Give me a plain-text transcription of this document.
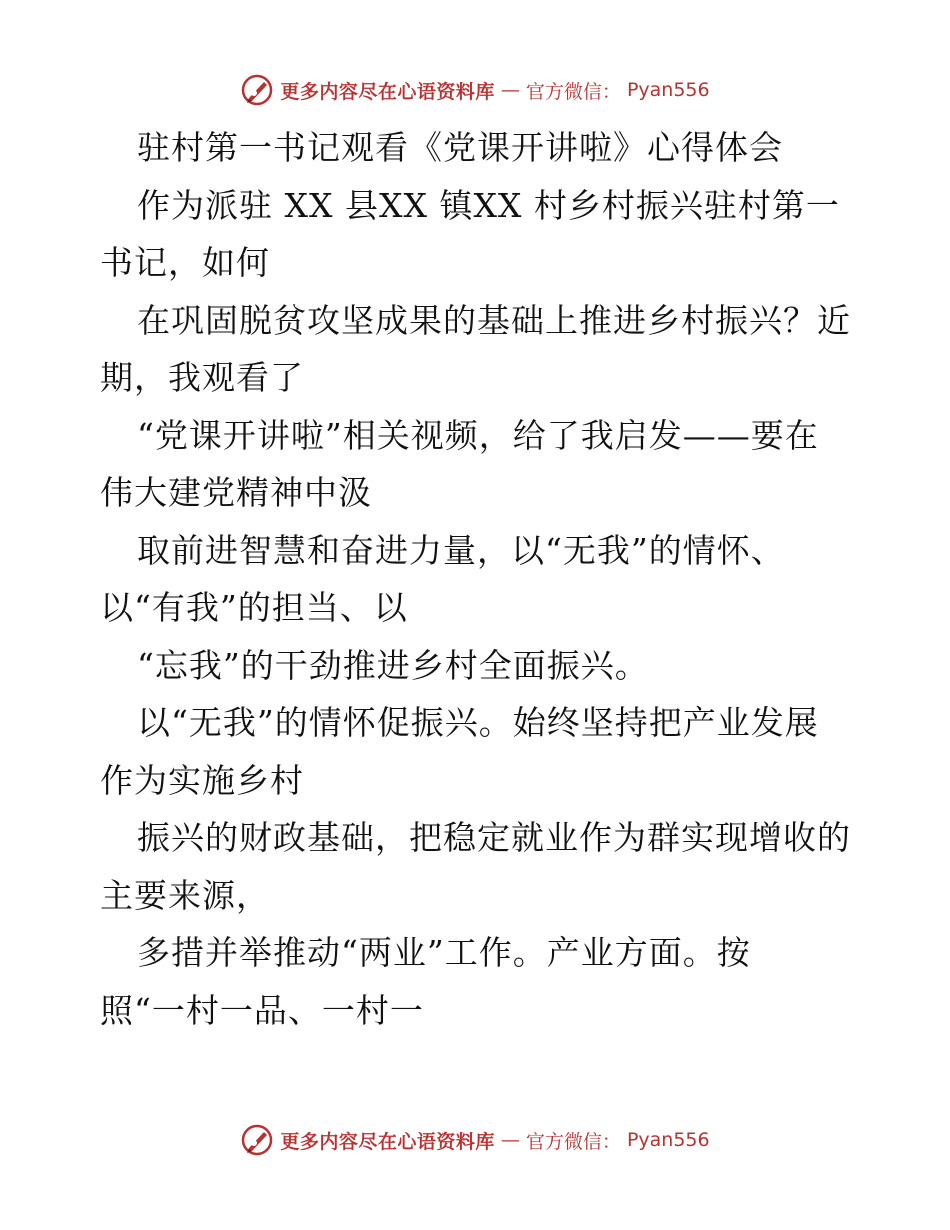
更多内容尽在心语资料库 — 官方微信： Pyan556
驻村第一书记观看《党课开讲啦》心得体会
作为派驻 XX 县XX 镇XX 村乡村振兴驻村第一
书记，如何
在巩固脱贫攻坚成果的基础上推进乡村振兴？近
期，我观看了
“党课开讲啦”相关视频，给了我启发——要在
伟大建党精神中汲
取前进智慧和奋进力量，以“无我”的情怀、
以“有我”的担当、以
“忘我”的干劲推进乡村全面振兴。
以“无我”的情怀促振兴。始终坚持把产业发展
作为实施乡村
振兴的财政基础，把稳定就业作为群实现增收的
主要来源，
多措并举推动“两业”工作。产业方面。按
照“一村一品、一村一
更多内容尽在心语资料库 — 官方微信： Pyan556
